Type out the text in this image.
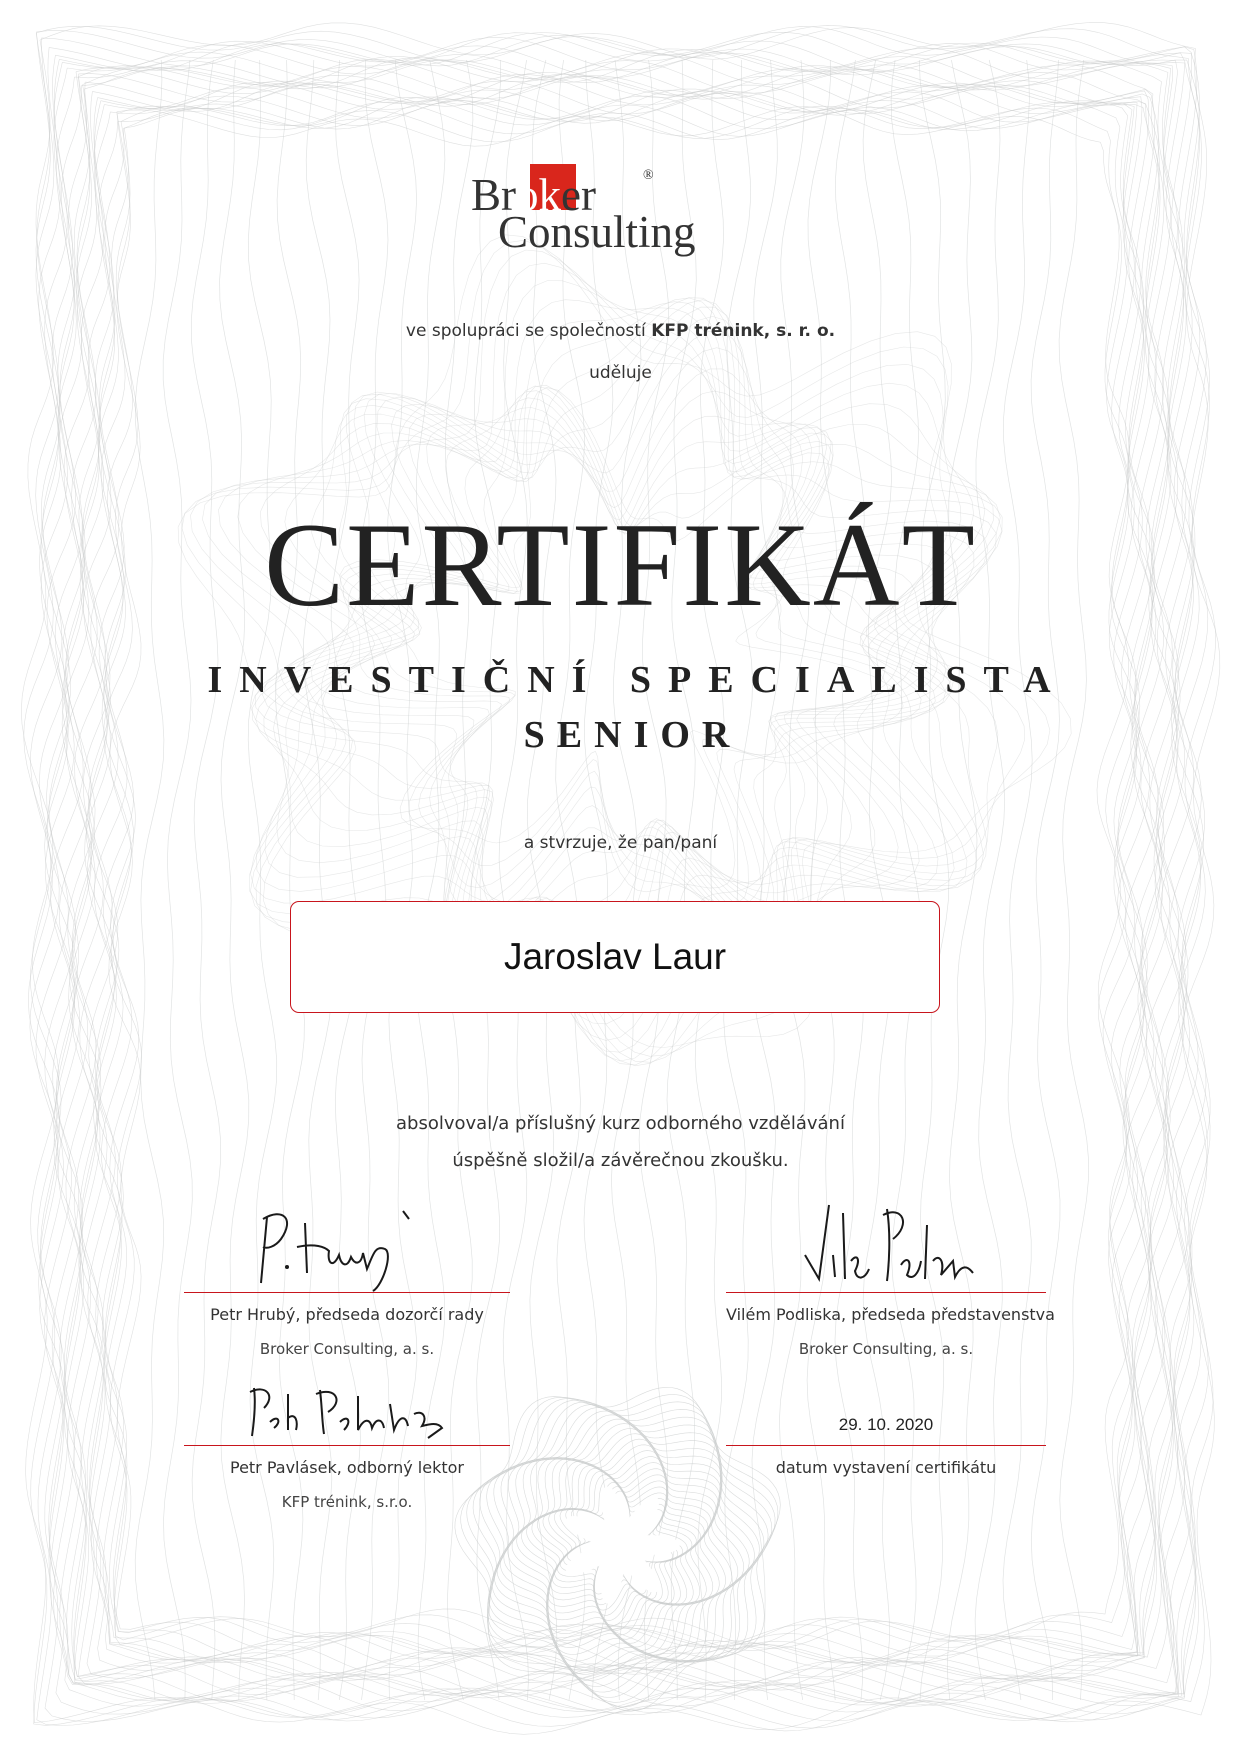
Broker	®
Consulting
ve spolupráci se společností KFP trénink, s. r. o.
uděluje
CERTIFIKÁT
INVESTIČNÍ SPECIALISTA
SENIOR
a stvrzuje, že pan/paní
Jaroslav Laur
absolvoval/a příslušný kurz odborného vzdělávání
úspěšně složil/a závěrečnou zkoušku.
Petr Hrubý, předseda dozorčí rady
Broker Consulting, a. s.
Vilém Podliska, předseda představenstva
Broker Consulting, a. s.
Petr Pavlásek, odborný lektor
KFP trénink, s.r.o.
29. 10. 2020
datum vystavení certifikátu
